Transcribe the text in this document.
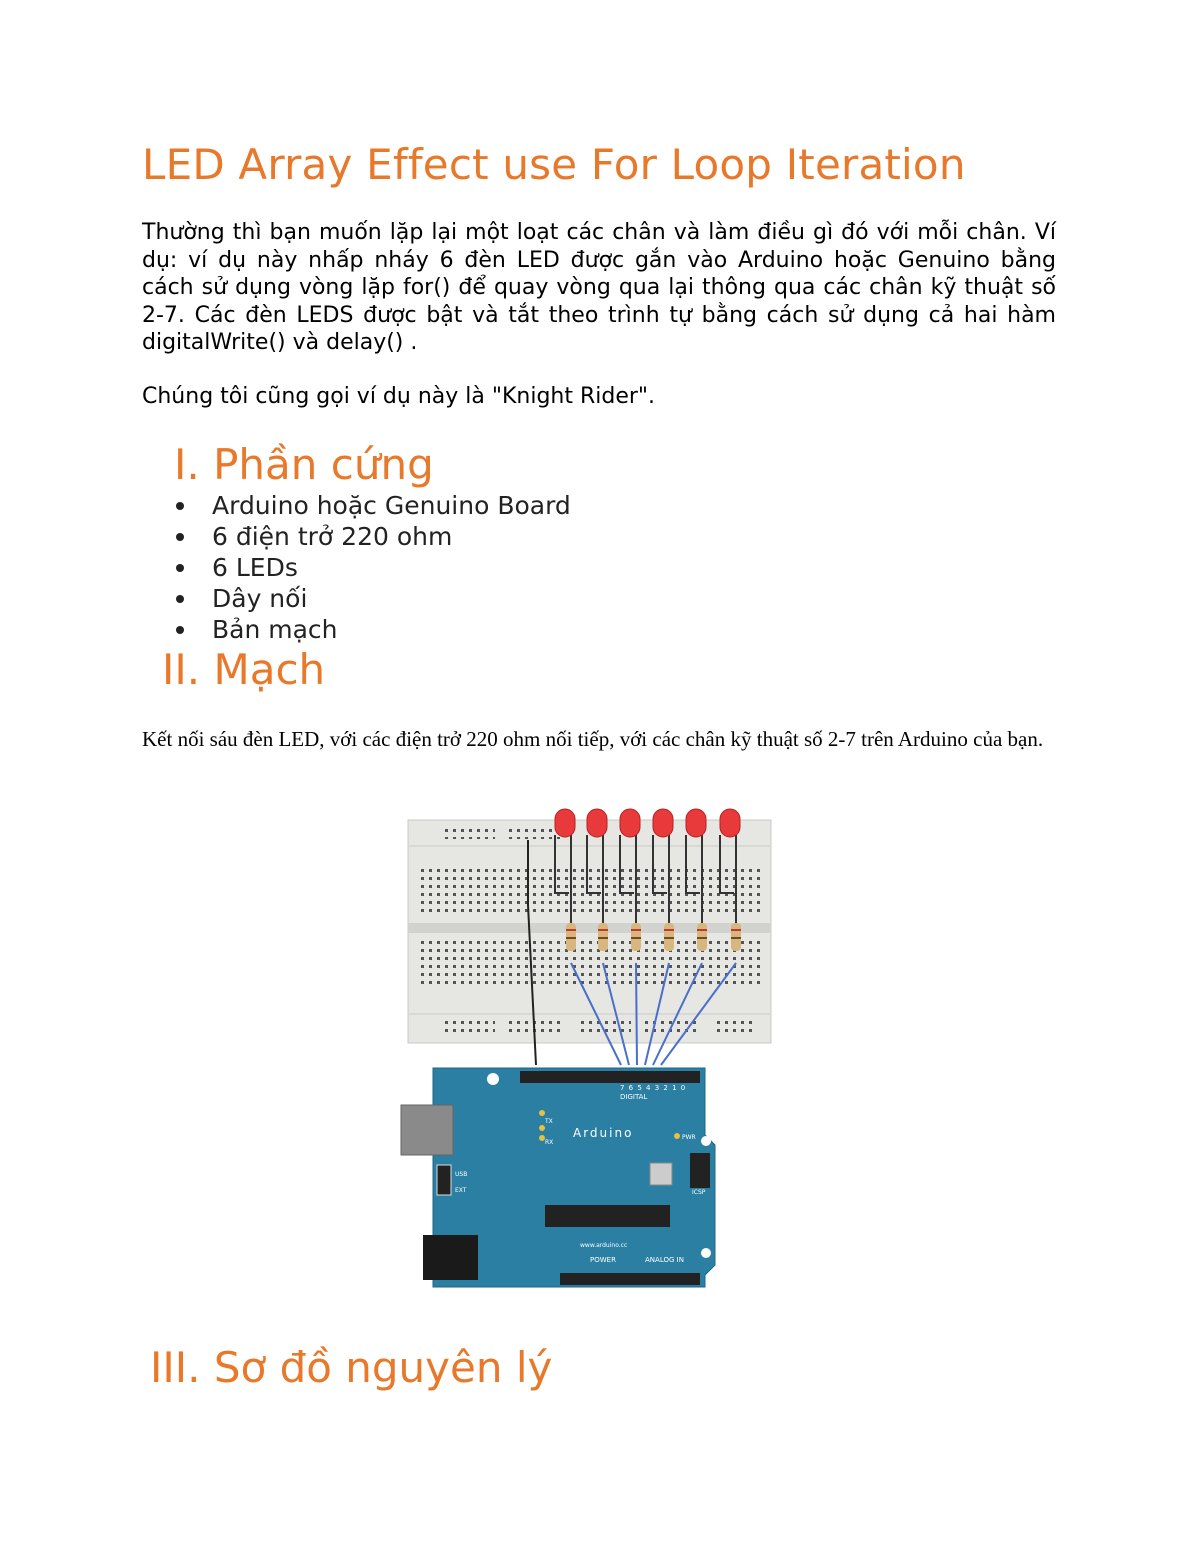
LED Array Effect use For Loop Iteration
Thường thì bạn muốn lặp lại một loạt các chân và làm điều gì đó với mỗi chân. Ví dụ: ví dụ này nhấp nháy 6 đèn LED được gắn vào Arduino hoặc Genuino bằng cách sử dụng vòng lặp for() để quay vòng qua lại thông qua các chân kỹ thuật số 2-7. Các đèn LEDS được bật và tắt theo trình tự bằng cách sử dụng cả hai hàm digitalWrite() và delay() .
Chúng tôi cũng gọi ví dụ này là "Knight Rider".
I. Phần cứng
Arduino hoặc Genuino Board
6 điện trở 220 ohm
6 LEDs
Dây nối
Bản mạch
II. Mạch
Kết nối sáu đèn LED, với các điện trở 220 ohm nối tiếp, với các chân kỹ thuật số 2-7 trên Arduino của bạn.
Arduino
DIGITAL
7 6 5 4 3 2 1 0
POWER	ANALOG IN
TX
RX
ICSP
PWR
USB
EXT
www.arduino.cc
III. Sơ đồ nguyên lý
